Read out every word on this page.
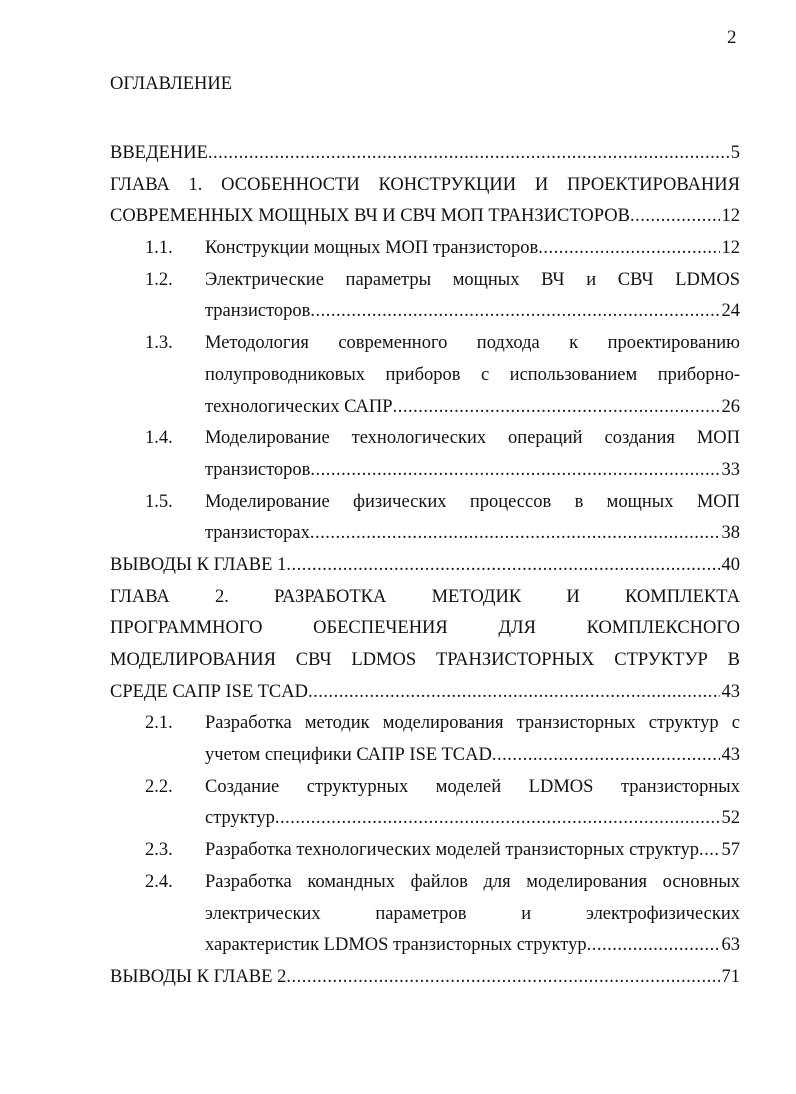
2
ОГЛАВЛЕНИЕ
ВВЕДЕНИЕ .....	5
ГЛАВА 1. ОСОБЕННОСТИ КОНСТРУКЦИИ И ПРОЕКТИРОВАНИЯ
СОВРЕМЕННЫХ МОЩНЫХ ВЧ И СВЧ МОП ТРАНЗИСТОРОВ .....	12
1.1.	Конструкции мощных МОП транзисторов .....	12
1.2.	Электрические параметры мощных ВЧ и СВЧ LDMOS
транзисторов .....	24
1.3.	Методология современного подхода к проектированию
полупроводниковых приборов с использованием приборно-
технологических САПР .....	26
1.4.	Моделирование технологических операций создания МОП
транзисторов .....	33
1.5.	Моделирование физических процессов в мощных МОП
транзисторах .....	38
ВЫВОДЫ К ГЛАВЕ 1 .....	40
ГЛАВА 2. РАЗРАБОТКА МЕТОДИК И КОМПЛЕКТА
ПРОГРАММНОГО ОБЕСПЕЧЕНИЯ ДЛЯ КОМПЛЕКСНОГО
МОДЕЛИРОВАНИЯ СВЧ LDMOS ТРАНЗИСТОРНЫХ СТРУКТУР В
СРЕДЕ САПР ISE TCAD .....	43
2.1.	Разработка методик моделирования транзисторных структур с
учетом специфики САПР ISE TCAD .....	43
2.2.	Создание структурных моделей LDMOS транзисторных
структур .....	52
2.3.	Разработка технологических моделей транзисторных структур ..... 57
2.4.	Разработка командных файлов для моделирования основных
электрических параметров и электрофизических
характеристик LDMOS транзисторных структур .....	63
ВЫВОДЫ К ГЛАВЕ 2 .....	71
